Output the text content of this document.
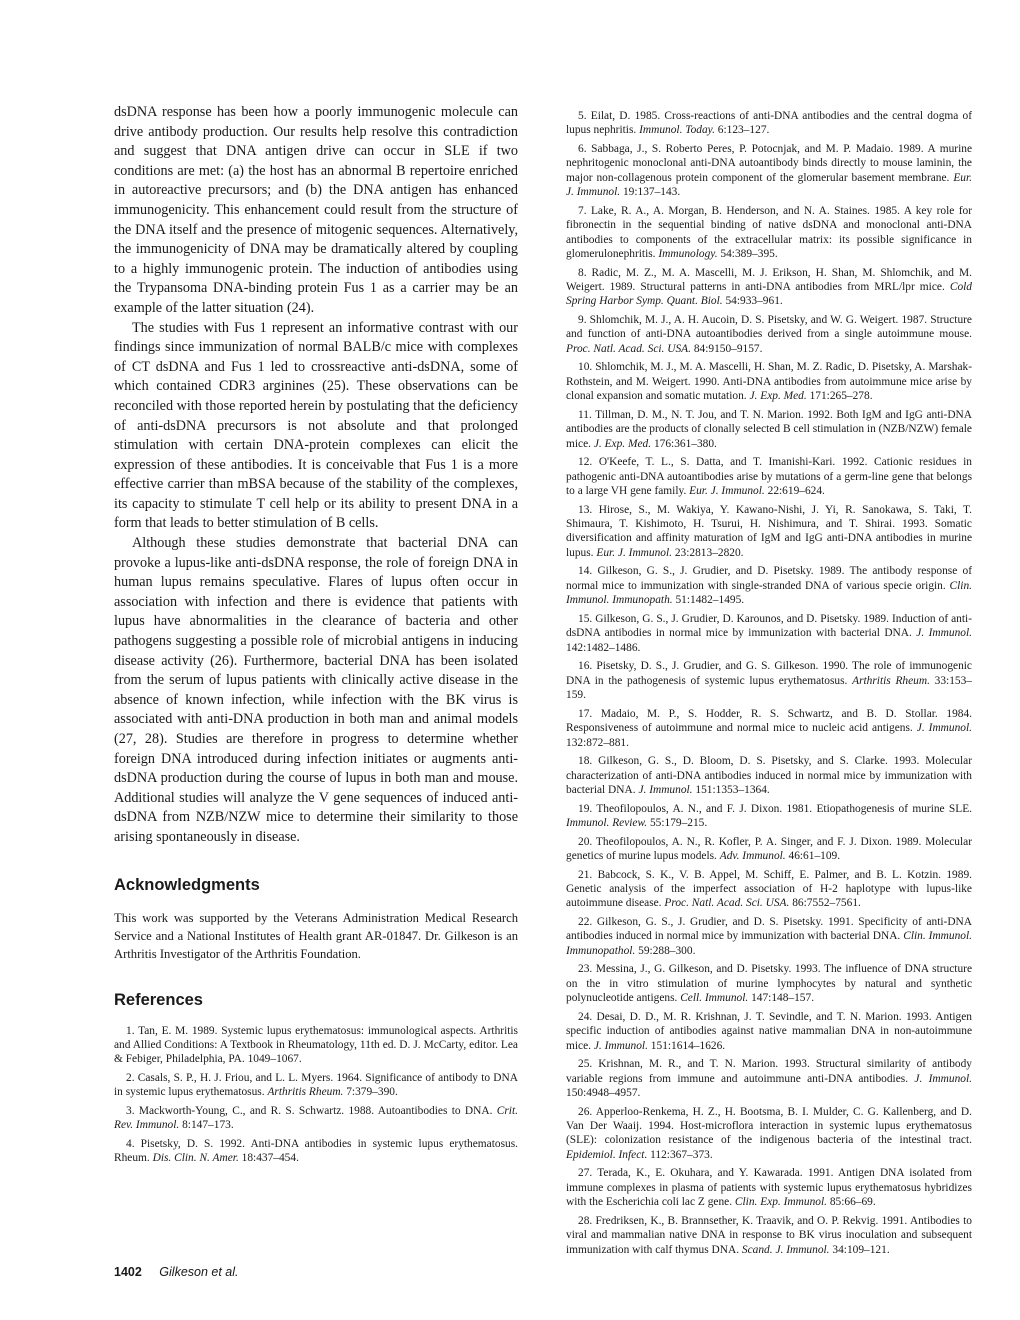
dsDNA response has been how a poorly immunogenic molecule can drive antibody production. Our results help resolve this contradiction and suggest that DNA antigen drive can occur in SLE if two conditions are met: (a) the host has an abnormal B repertoire enriched in autoreactive precursors; and (b) the DNA antigen has enhanced immunogenicity. This enhancement could result from the structure of the DNA itself and the presence of mitogenic sequences. Alternatively, the immunogenicity of DNA may be dramatically altered by coupling to a highly immunogenic protein. The induction of antibodies using the Trypansoma DNA-binding protein Fus 1 as a carrier may be an example of the latter situation (24).

The studies with Fus 1 represent an informative contrast with our findings since immunization of normal BALB/c mice with complexes of CT dsDNA and Fus 1 led to crossreactive anti-dsDNA, some of which contained CDR3 arginines (25). These observations can be reconciled with those reported herein by postulating that the deficiency of anti-dsDNA precursors is not absolute and that prolonged stimulation with certain DNA-protein complexes can elicit the expression of these antibodies. It is conceivable that Fus 1 is a more effective carrier than mBSA because of the stability of the complexes, its capacity to stimulate T cell help or its ability to present DNA in a form that leads to better stimulation of B cells.

Although these studies demonstrate that bacterial DNA can provoke a lupus-like anti-dsDNA response, the role of foreign DNA in human lupus remains speculative. Flares of lupus often occur in association with infection and there is evidence that patients with lupus have abnormalities in the clearance of bacteria and other pathogens suggesting a possible role of microbial antigens in inducing disease activity (26). Furthermore, bacterial DNA has been isolated from the serum of lupus patients with clinically active disease in the absence of known infection, while infection with the BK virus is associated with anti-DNA production in both man and animal models (27, 28). Studies are therefore in progress to determine whether foreign DNA introduced during infection initiates or augments anti-dsDNA production during the course of lupus in both man and mouse. Additional studies will analyze the V gene sequences of induced anti-dsDNA from NZB/NZW mice to determine their similarity to those arising spontaneously in disease.

Acknowledgments

This work was supported by the Veterans Administration Medical Research Service and a National Institutes of Health grant AR-01847. Dr. Gilkeson is an Arthritis Investigator of the Arthritis Foundation.

References
1. Tan, E. M. 1989. Systemic lupus erythematosus: immunological aspects. Arthritis and Allied Conditions: A Textbook in Rheumatology, 11th ed. D. J. McCarty, editor. Lea & Febiger, Philadelphia, PA. 1049–1067.
2. Casals, S. P., H. J. Friou, and L. L. Myers. 1964. Significance of antibody to DNA in systemic lupus erythematosus. Arthritis Rheum. 7:379–390.
3. Mackworth-Young, C., and R. S. Schwartz. 1988. Autoantibodies to DNA. Crit. Rev. Immunol. 8:147–173.
4. Pisetsky, D. S. 1992. Anti-DNA antibodies in systemic lupus erythematosus. Rheum. Dis. Clin. N. Amer. 18:437–454.
5. Eilat, D. 1985. Cross-reactions of anti-DNA antibodies and the central dogma of lupus nephritis. Immunol. Today. 6:123–127.
6. Sabbaga, J., S. Roberto Peres, P. Potocnjak, and M. P. Madaio. 1989. A murine nephritogenic monoclonal anti-DNA autoantibody binds directly to mouse laminin, the major non-collagenous protein component of the glomerular basement membrane. Eur. J. Immunol. 19:137–143.
7. Lake, R. A., A. Morgan, B. Henderson, and N. A. Staines. 1985. A key role for fibronectin in the sequential binding of native dsDNA and monoclonal anti-DNA antibodies to components of the extracellular matrix: its possible significance in glomerulonephritis. Immunology. 54:389–395.
8. Radic, M. Z., M. A. Mascelli, M. J. Erikson, H. Shan, M. Shlomchik, and M. Weigert. 1989. Structural patterns in anti-DNA antibodies from MRL/lpr mice. Cold Spring Harbor Symp. Quant. Biol. 54:933–961.
9. Shlomchik, M. J., A. H. Aucoin, D. S. Pisetsky, and W. G. Weigert. 1987. Structure and function of anti-DNA autoantibodies derived from a single autoimmune mouse. Proc. Natl. Acad. Sci. USA. 84:9150–9157.
10. Shlomchik, M. J., M. A. Mascelli, H. Shan, M. Z. Radic, D. Pisetsky, A. Marshak-Rothstein, and M. Weigert. 1990. Anti-DNA antibodies from autoimmune mice arise by clonal expansion and somatic mutation. J. Exp. Med. 171:265–278.
11. Tillman, D. M., N. T. Jou, and T. N. Marion. 1992. Both IgM and IgG anti-DNA antibodies are the products of clonally selected B cell stimulation in (NZB/NZW) female mice. J. Exp. Med. 176:361–380.
12. O'Keefe, T. L., S. Datta, and T. Imanishi-Kari. 1992. Cationic residues in pathogenic anti-DNA autoantibodies arise by mutations of a germ-line gene that belongs to a large VH gene family. Eur. J. Immunol. 22:619–624.
13. Hirose, S., M. Wakiya, Y. Kawano-Nishi, J. Yi, R. Sanokawa, S. Taki, T. Shimaura, T. Kishimoto, H. Tsurui, H. Nishimura, and T. Shirai. 1993. Somatic diversification and affinity maturation of IgM and IgG anti-DNA antibodies in murine lupus. Eur. J. Immunol. 23:2813–2820.
14. Gilkeson, G. S., J. Grudier, and D. Pisetsky. 1989. The antibody response of normal mice to immunization with single-stranded DNA of various specie origin. Clin. Immunol. Immunopath. 51:1482–1495.
15. Gilkeson, G. S., J. Grudier, D. Karounos, and D. Pisetsky. 1989. Induction of anti-dsDNA antibodies in normal mice by immunization with bacterial DNA. J. Immunol. 142:1482–1486.
16. Pisetsky, D. S., J. Grudier, and G. S. Gilkeson. 1990. The role of immunogenic DNA in the pathogenesis of systemic lupus erythematosus. Arthritis Rheum. 33:153–159.
17. Madaio, M. P., S. Hodder, R. S. Schwartz, and B. D. Stollar. 1984. Responsiveness of autoimmune and normal mice to nucleic acid antigens. J. Immunol. 132:872–881.
18. Gilkeson, G. S., D. Bloom, D. S. Pisetsky, and S. Clarke. 1993. Molecular characterization of anti-DNA antibodies induced in normal mice by immunization with bacterial DNA. J. Immunol. 151:1353–1364.
19. Theofilopoulos, A. N., and F. J. Dixon. 1981. Etiopathogenesis of murine SLE. Immunol. Review. 55:179–215.
20. Theofilopoulos, A. N., R. Kofler, P. A. Singer, and F. J. Dixon. 1989. Molecular genetics of murine lupus models. Adv. Immunol. 46:61–109.
21. Babcock, S. K., V. B. Appel, M. Schiff, E. Palmer, and B. L. Kotzin. 1989. Genetic analysis of the imperfect association of H-2 haplotype with lupus-like autoimmune disease. Proc. Natl. Acad. Sci. USA. 86:7552–7561.
22. Gilkeson, G. S., J. Grudier, and D. S. Pisetsky. 1991. Specificity of anti-DNA antibodies induced in normal mice by immunization with bacterial DNA. Clin. Immunol. Immunopathol. 59:288–300.
23. Messina, J., G. Gilkeson, and D. Pisetsky. 1993. The influence of DNA structure on the in vitro stimulation of murine lymphocytes by natural and synthetic polynucleotide antigens. Cell. Immunol. 147:148–157.
24. Desai, D. D., M. R. Krishnan, J. T. Sevindle, and T. N. Marion. 1993. Antigen specific induction of antibodies against native mammalian DNA in non-autoimmune mice. J. Immunol. 151:1614–1626.
25. Krishnan, M. R., and T. N. Marion. 1993. Structural similarity of antibody variable regions from immune and autoimmune anti-DNA antibodies. J. Immunol. 150:4948–4957.
26. Apperloo-Renkema, H. Z., H. Bootsma, B. I. Mulder, C. G. Kallenberg, and D. Van Der Waaij. 1994. Host-microflora interaction in systemic lupus erythematosus (SLE): colonization resistance of the indigenous bacteria of the intestinal tract. Epidemiol. Infect. 112:367–373.
27. Terada, K., E. Okuhara, and Y. Kawarada. 1991. Antigen DNA isolated from immune complexes in plasma of patients with systemic lupus erythematosus hybridizes with the Escherichia coli lac Z gene. Clin. Exp. Immunol. 85:66–69.
28. Fredriksen, K., B. Brannsether, K. Traavik, and O. P. Rekvig. 1991. Antibodies to viral and mammalian native DNA in response to BK virus inoculation and subsequent immunization with calf thymus DNA. Scand. J. Immunol. 34:109–121.
1402 Gilkeson et al.
